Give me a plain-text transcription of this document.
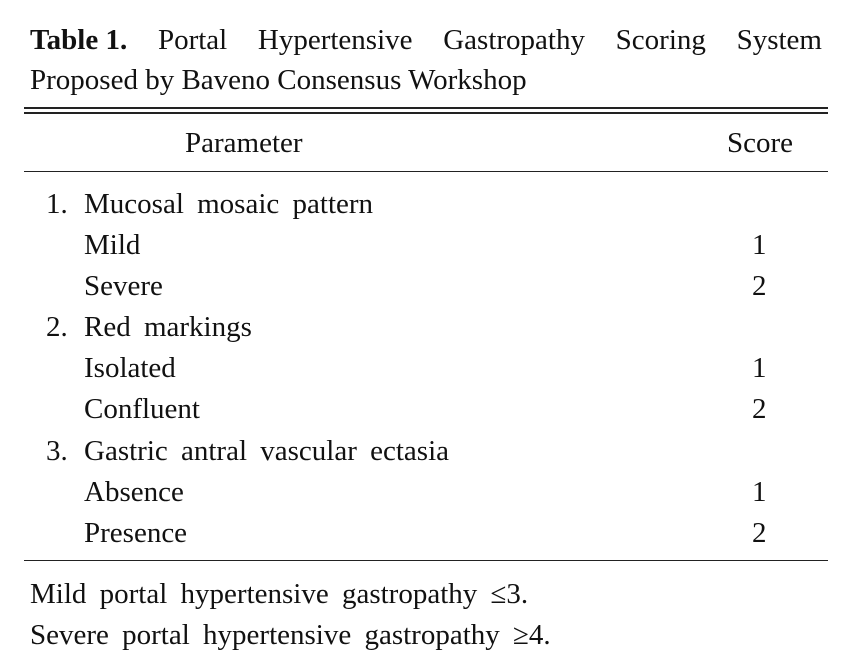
Table 1. Portal Hypertensive Gastropathy Scoring System
Proposed by Baveno Consensus Workshop
Parameter	Score
1. Mucosal mosaic pattern
Mild	1
Severe	2
2. Red markings
Isolated	1
Confluent	2
3. Gastric antral vascular ectasia
Absence	1
Presence	2
Mild portal hypertensive gastropathy ≤3.
Severe portal hypertensive gastropathy ≥4.
